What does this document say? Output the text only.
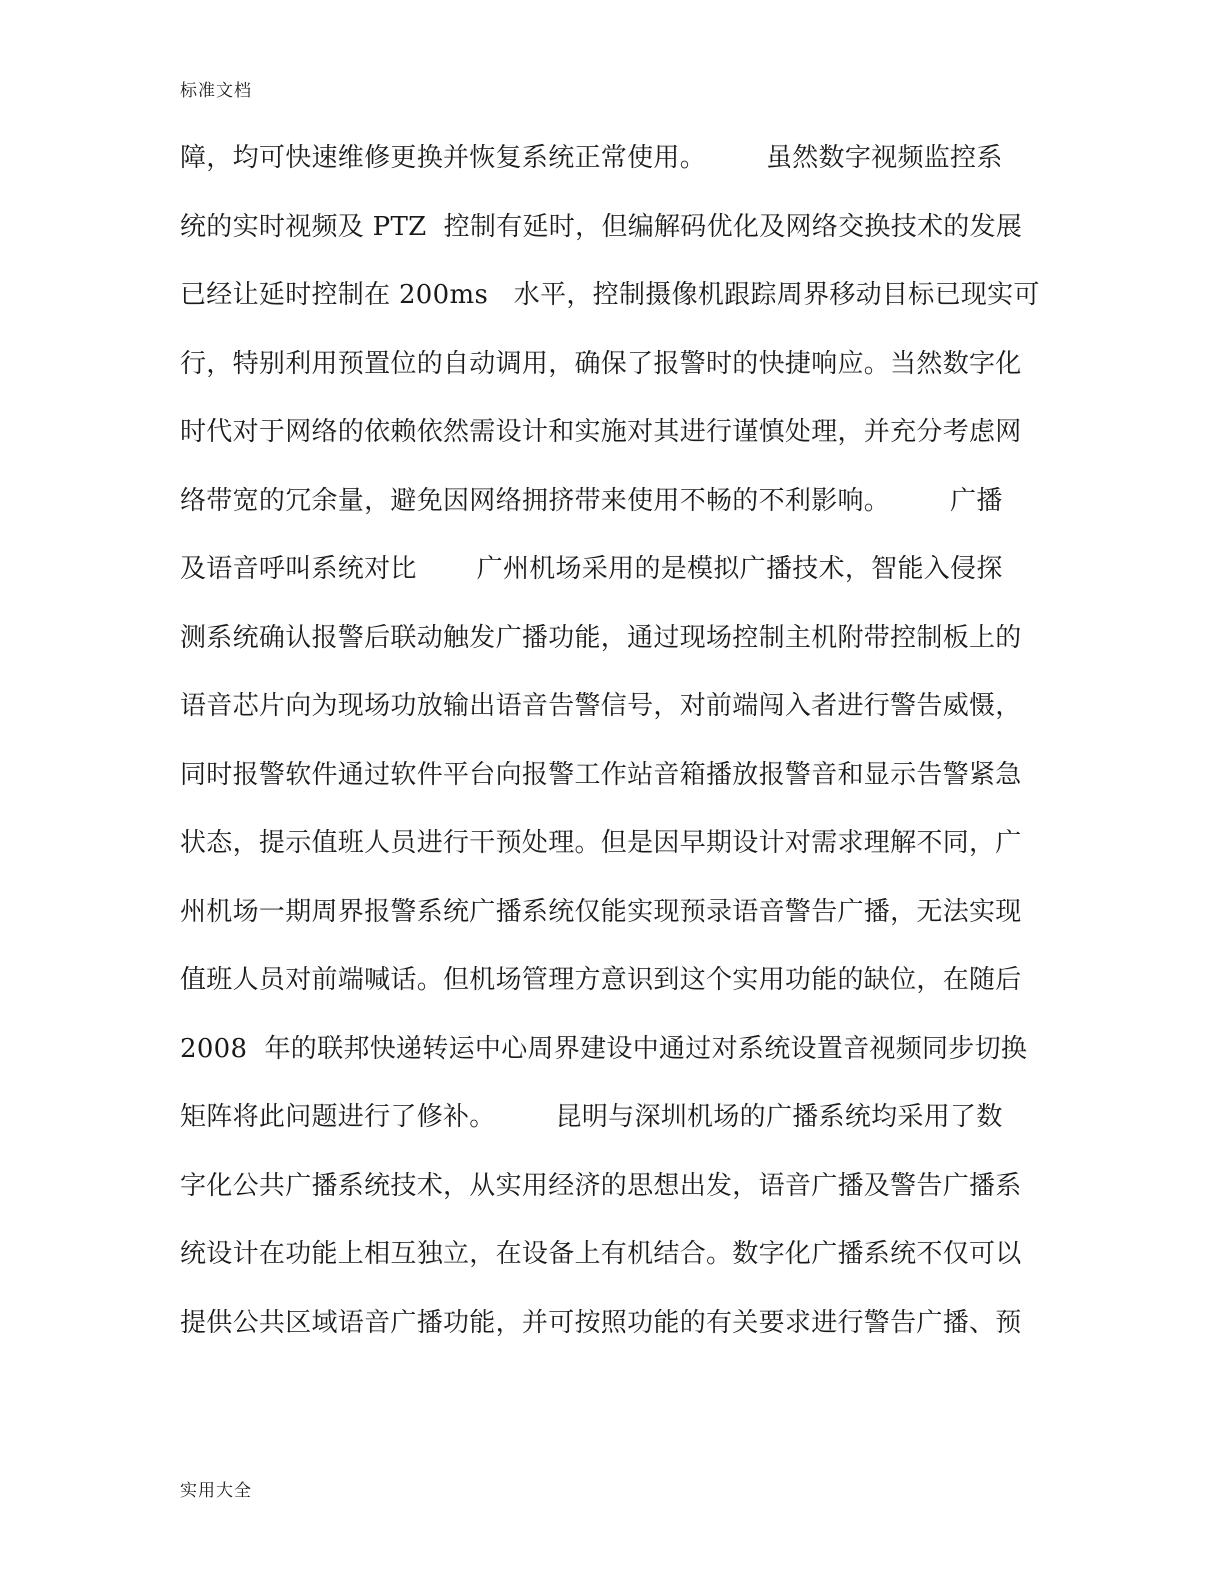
标准文档
障，均可快速维修更换并恢复系统正常使用。       虽然数字视频监控系
统的实时视频及 PTZ  控制有延时，但编解码优化及网络交换技术的发展
已经让延时控制在 200ms   水平，控制摄像机跟踪周界移动目标已现实可
行，特别利用预置位的自动调用，确保了报警时的快捷响应。当然数字化
时代对于网络的依赖依然需设计和实施对其进行谨慎处理，并充分考虑网
络带宽的冗余量，避免因网络拥挤带来使用不畅的不利影响。       广播
及语音呼叫系统对比       广州机场采用的是模拟广播技术，智能入侵探
测系统确认报警后联动触发广播功能，通过现场控制主机附带控制板上的
语音芯片向为现场功放输出语音告警信号，对前端闯入者进行警告威慑，
同时报警软件通过软件平台向报警工作站音箱播放报警音和显示告警紧急
状态，提示值班人员进行干预处理。但是因早期设计对需求理解不同，广
州机场一期周界报警系统广播系统仅能实现预录语音警告广播，无法实现
值班人员对前端喊话。但机场管理方意识到这个实用功能的缺位，在随后
2008  年的联邦快递转运中心周界建设中通过对系统设置音视频同步切换
矩阵将此问题进行了修补。       昆明与深圳机场的广播系统均采用了数
字化公共广播系统技术，从实用经济的思想出发，语音广播及警告广播系
统设计在功能上相互独立，在设备上有机结合。数字化广播系统不仅可以
提供公共区域语音广播功能，并可按照功能的有关要求进行警告广播、预
实用大全
